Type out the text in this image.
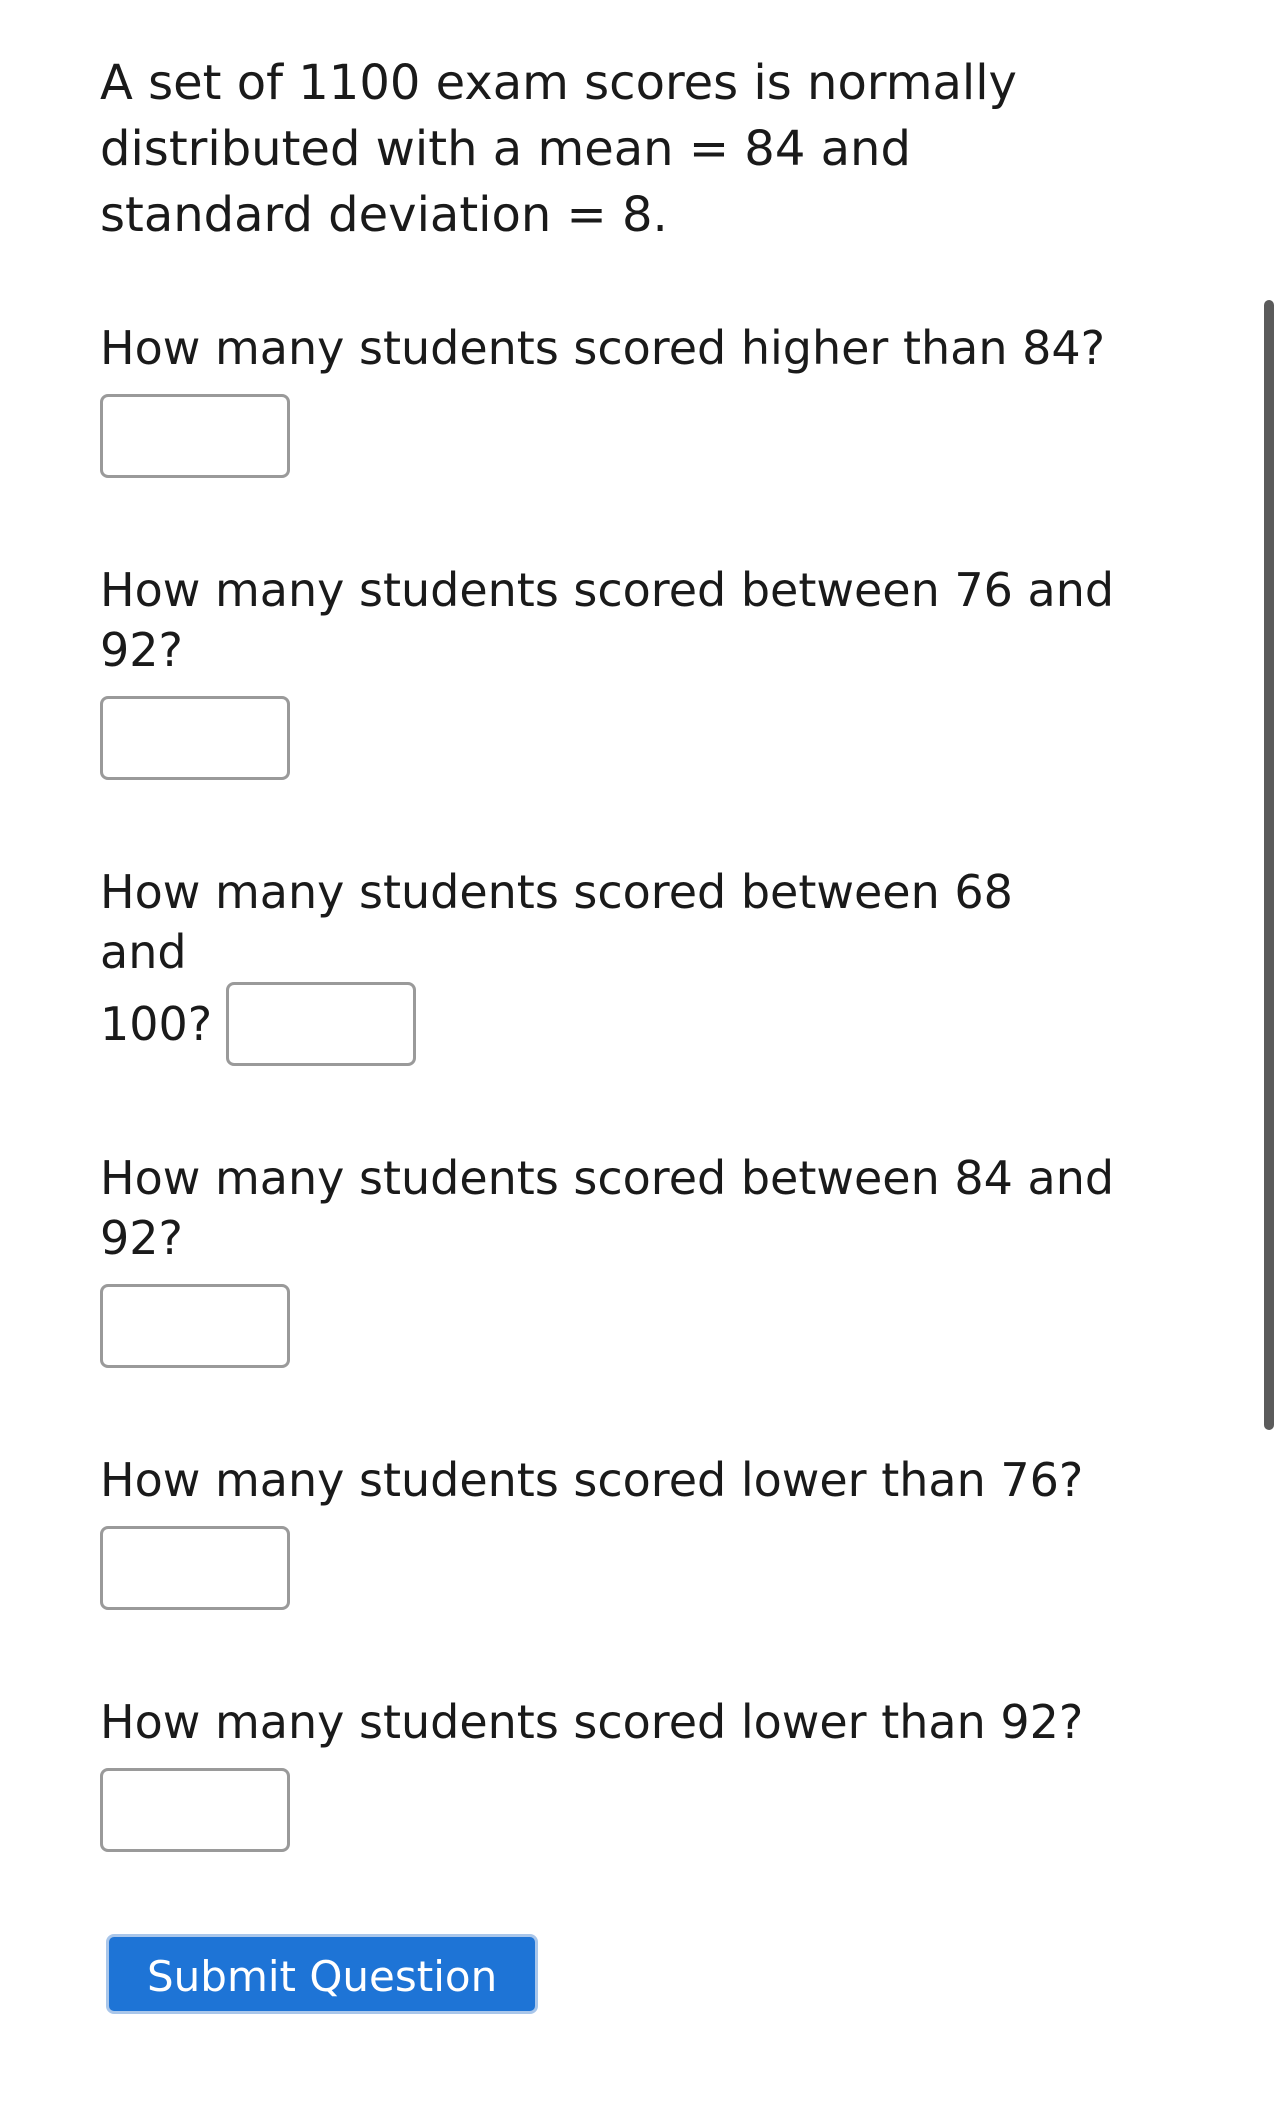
A set of 1100 exam scores is normally distributed with a mean = 84 and standard deviation = 8.

How many students scored higher than 84?
How many students scored between 76 and 92?
How many students scored between 68 and
100?
How many students scored between 84 and 92?
How many students scored lower than 76?
How many students scored lower than 92?
Submit Question
